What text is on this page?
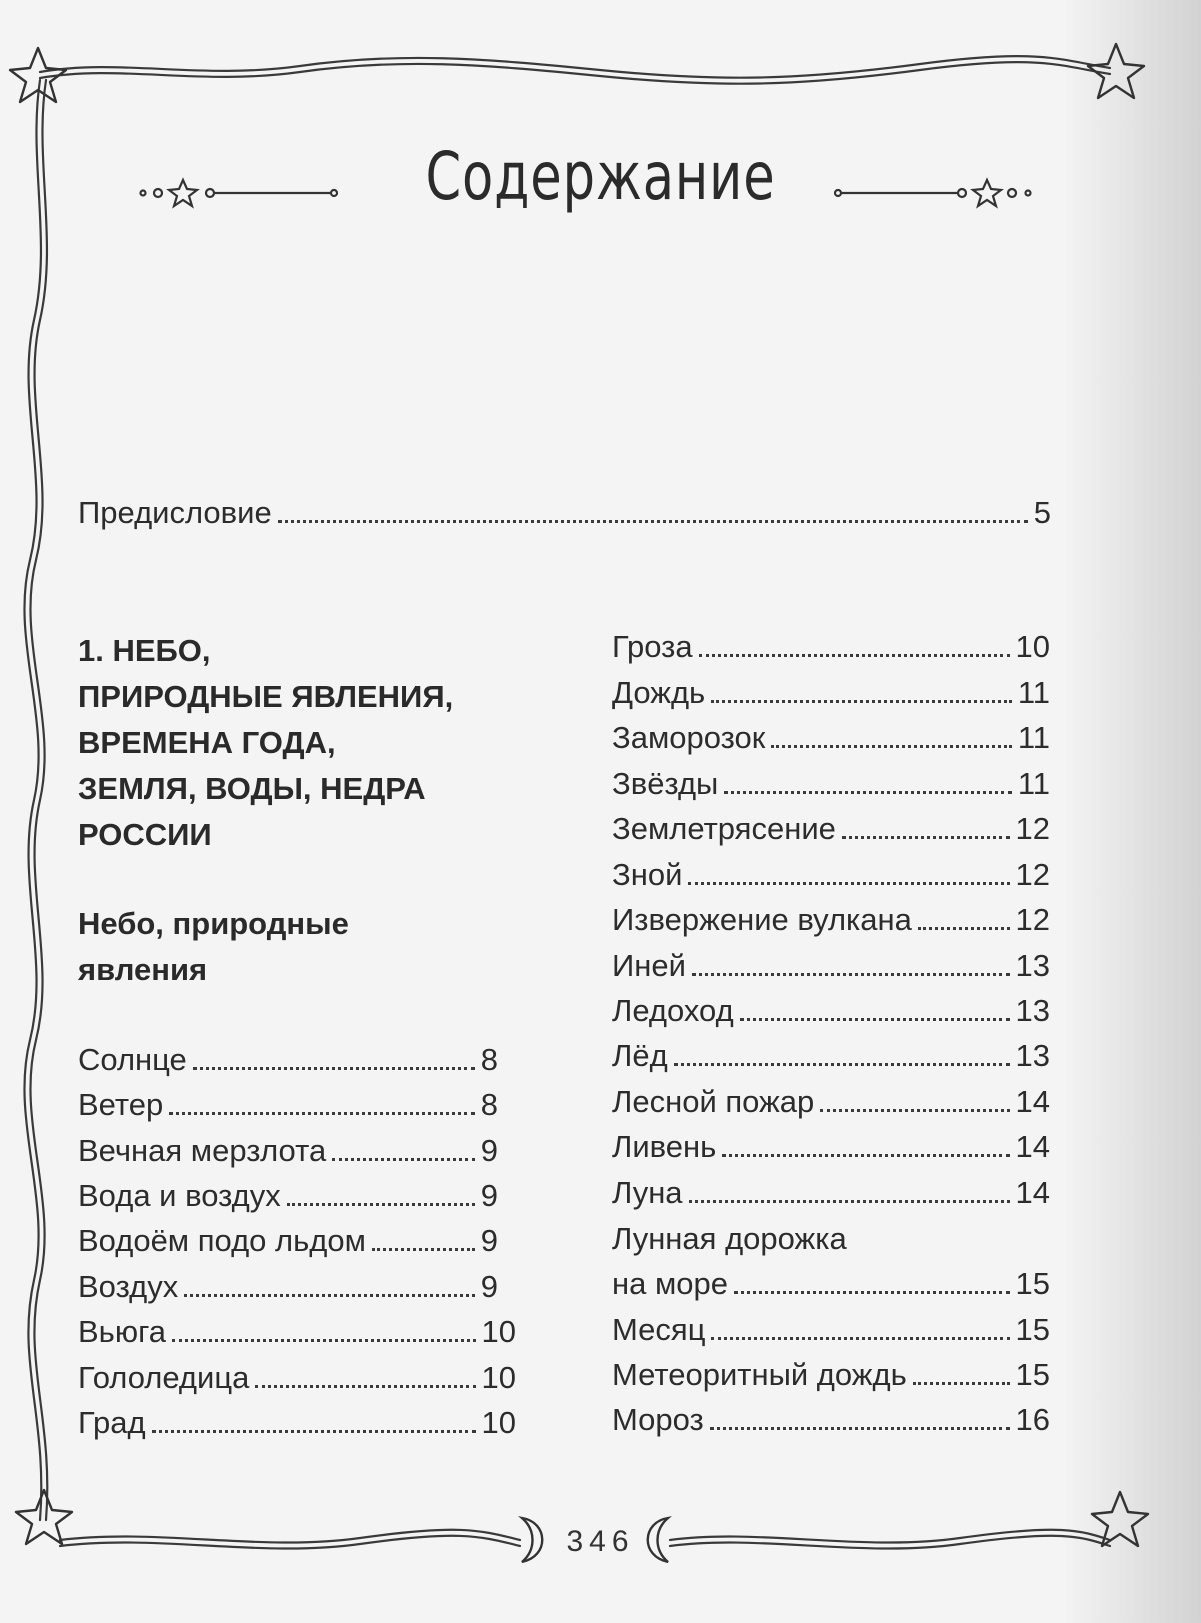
Содержание
Предисловие	5
1. НЕБО,
ПРИРОДНЫЕ ЯВЛЕНИЯ,
ВРЕМЕНА ГОДА,
ЗЕМЛЯ, ВОДЫ, НЕДРА
РОССИИ
Небо, природные
явления
Солнце	8
Ветер	8
Вечная мерзлота	9
Вода и воздух	9
Водоём подо льдом	9
Воздух	9
Вьюга	10
Гололедица	10
Град	10
Гроза	10
Дождь	11
Заморозок	11
Звёзды	11
Землетрясение	12
Зной	12
Извержение вулкана	12
Иней	13
Ледоход	13
Лёд	13
Лесной пожар	14
Ливень	14
Луна	14
Лунная дорожка
на море	15
Месяц	15
Метеоритный дождь	15
Мороз	16
346
